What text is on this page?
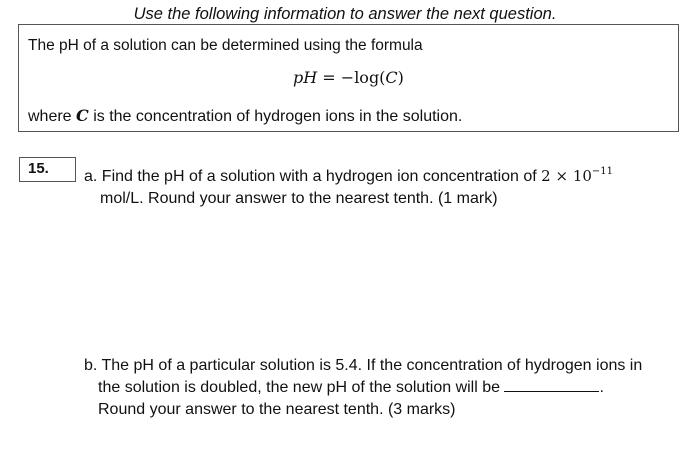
Use the following information to answer the next question.
The pH of a solution can be determined using the formula
pH = −log(C)
where C is the concentration of hydrogen ions in the solution.
15.	a. Find the pH of a solution with a hydrogen ion concentration of $2 \times 10^{-11}$
mol/L. Round your answer to the nearest tenth. (1 mark)
b. The pH of a particular solution is 5.4. If the concentration of hydrogen ions in
the solution is doubled, the new pH of the solution will be	.
Round your answer to the nearest tenth. (3 marks)
